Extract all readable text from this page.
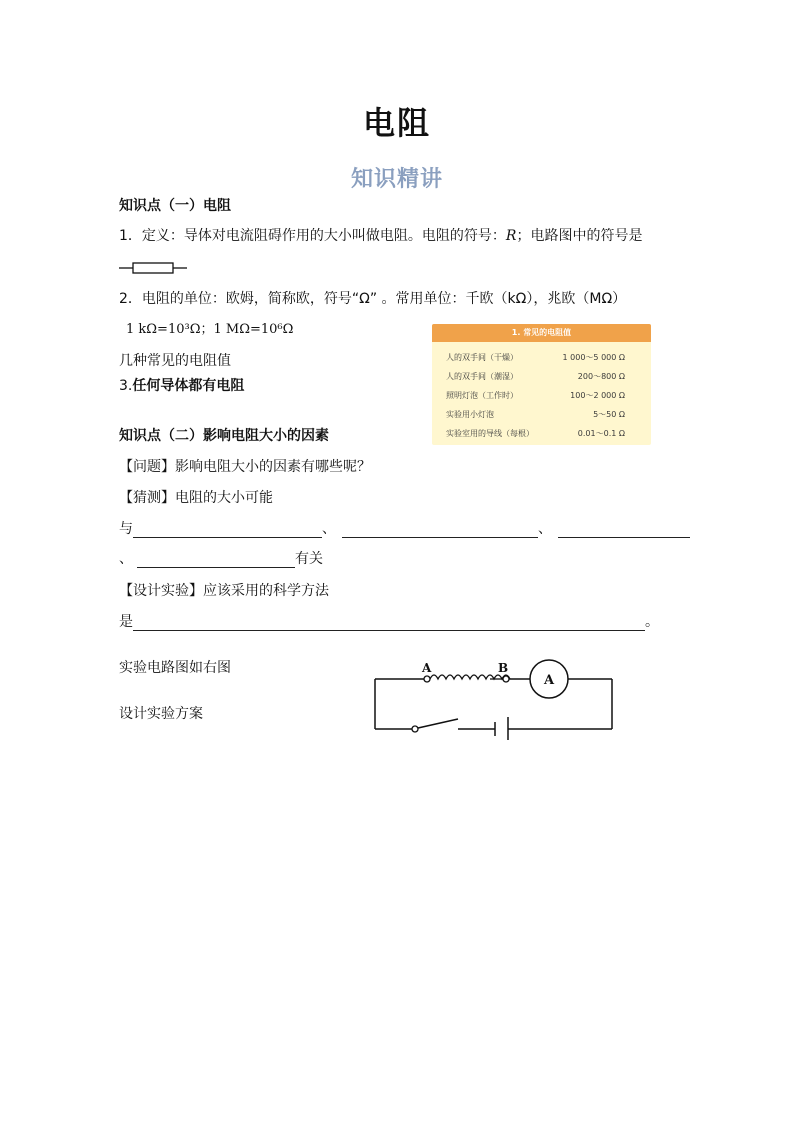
电阻
知识精讲
知识点（一）电阻
1．定义：导体对电流阻碍作用的大小叫做电阻。电阻的符号：R；电路图中的符号是
2．电阻的单位：欧姆，简称欧，符号“Ω” 。常用单位：千欧（kΩ），兆欧（MΩ）
1 kΩ=10³Ω；1 MΩ=10⁶Ω
几种常见的电阻值
3.任何导体都有电阻
1. 常见的电阻值
人的双手间（干燥）	1 000～5 000 Ω
人的双手间（潮湿）	200～800 Ω
照明灯泡（工作时）	100～2 000 Ω
实验用小灯泡	5～50 Ω
实验室用的导线（每根）	0.01～0.1 Ω
知识点（二）影响电阻大小的因素
【问题】影响电阻大小的因素有哪些呢？
【猜测】电阻的大小可能
与	、	、
、	有关
【设计实验】应该采用的科学方法
是	。
实验电路图如右图
设计实验方案
A	B
A
